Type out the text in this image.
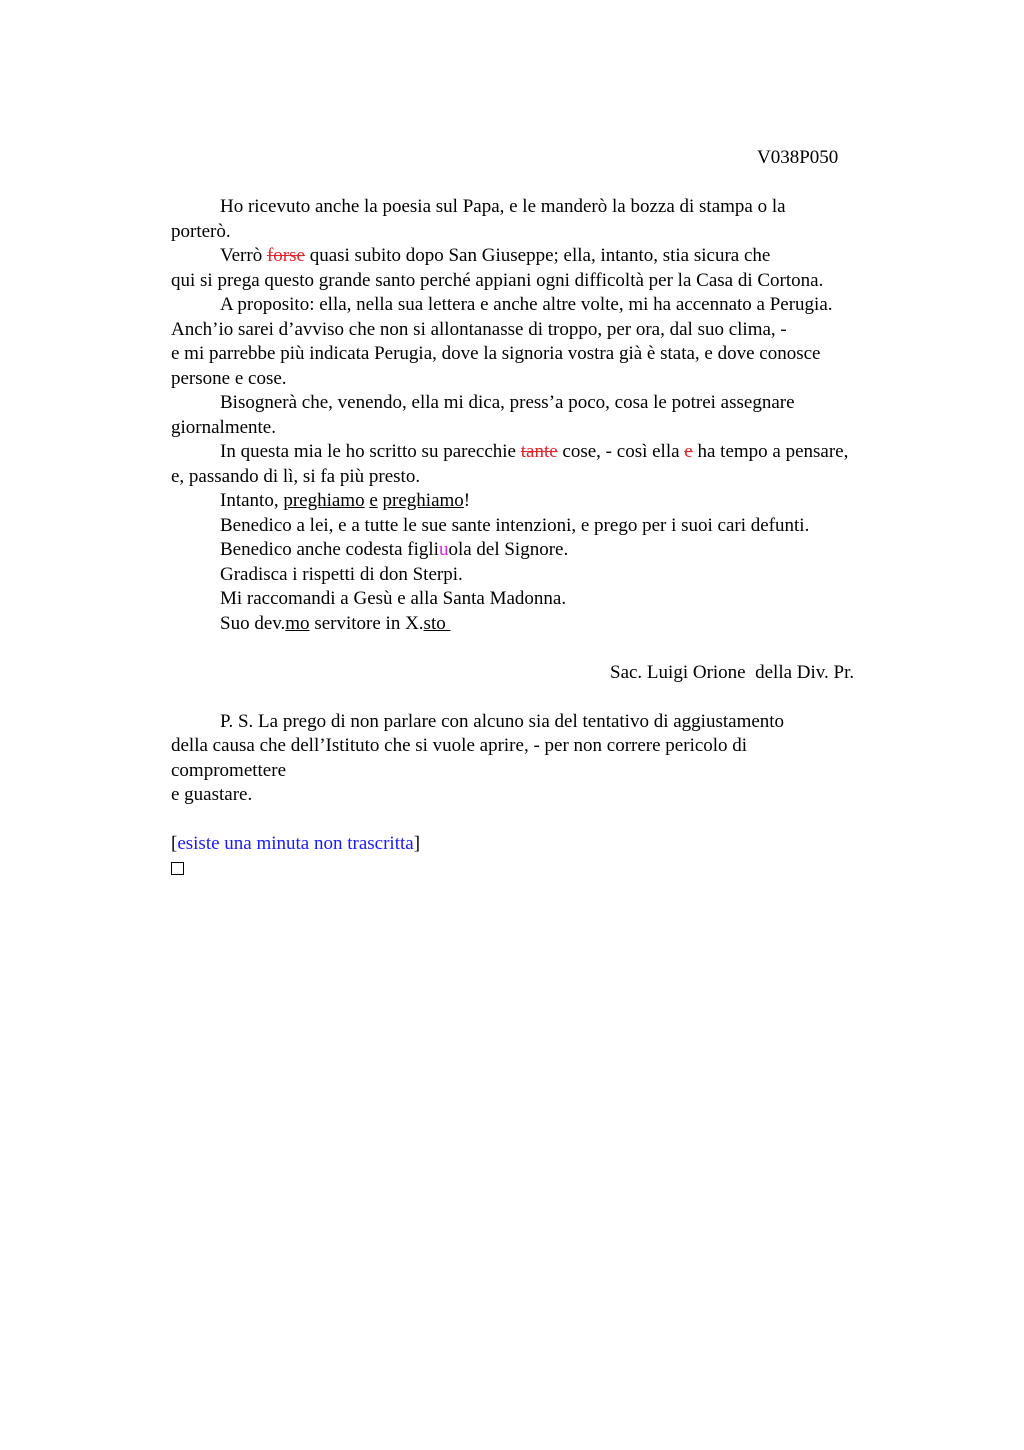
V038P050
Ho ricevuto anche la poesia sul Papa, e le manderò la bozza di stampa o la
porterò.
Verrò forse quasi subito dopo San Giuseppe; ella, intanto, stia sicura che
qui si prega questo grande santo perché appiani ogni difficoltà per la Casa di Cortona.
A proposito: ella, nella sua lettera e anche altre volte, mi ha accennato a Perugia.
Anch’io sarei d’avviso che non si allontanasse di troppo, per ora, dal suo clima, -
e mi parrebbe più indicata Perugia, dove la signoria vostra già è stata, e dove conosce
persone e cose.
Bisognerà che, venendo, ella mi dica, press’a poco, cosa le potrei assegnare
giornalmente.
In questa mia le ho scritto su parecchie tante cose, - così ella e ha tempo a pensare,
e, passando di lì, si fa più presto.
Intanto, preghiamo e preghiamo!
Benedico a lei, e a tutte le sue sante intenzioni, e prego per i suoi cari defunti.
Benedico anche codesta figliuola del Signore.
Gradisca i rispetti di don Sterpi.
Mi raccomandi a Gesù e alla Santa Madonna.
Suo dev.mo servitore in X.sto
Sac. Luigi Orione  della Div. Pr.
P. S. La prego di non parlare con alcuno sia del tentativo di aggiustamento
della causa che dell’Istituto che si vuole aprire, - per non correre pericolo di
compromettere
e guastare.
[esiste una minuta non trascritta]
